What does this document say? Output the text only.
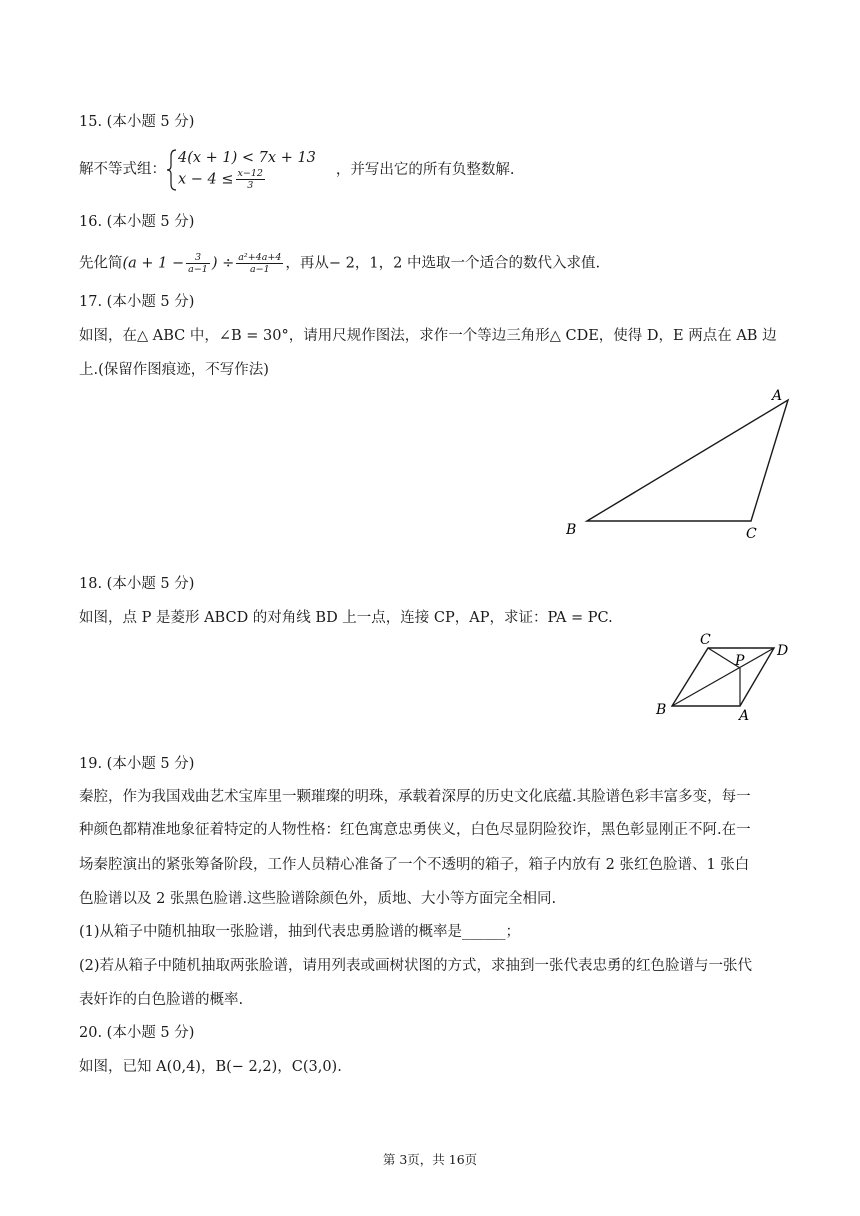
15. (本小题 5 分)
解不等式组：
4(x + 1) < 7x + 13
$x - 4 \le \frac{x-12}{3}$	，并写出它的所有负整数解.
16. (本小题 5 分)
先化简($a + 1 - \frac{3}{a-1}$ ) ÷ $\frac{\text{a²+4a+4}}{a-1}$ ，再从− 2，1，2 中选取一个适合的数代入求值.
17. (本小题 5 分)
如图，在△ ABC 中，∠B = 30°，请用尺规作图法，求作一个等边三角形△ CDE，使得 D，E 两点在 AB 边
上.(保留作图痕迹，不写作法)
A
B	C
18. (本小题 5 分)
如图，点 P 是菱形 ABCD 的对角线 BD 上一点，连接 CP，AP，求证：PA = PC.
C
D
P
B	A
19. (本小题 5 分)
秦腔，作为我国戏曲艺术宝库里一颗璀璨的明珠，承载着深厚的历史文化底蕴.其脸谱色彩丰富多变，每一
种颜色都精准地象征着特定的人物性格：红色寓意忠勇侠义，白色尽显阴险狡诈，黑色彰显刚正不阿.在一
场秦腔演出的紧张筹备阶段，工作人员精心准备了一个不透明的箱子，箱子内放有 2 张红色脸谱、1 张白
色脸谱以及 2 张黑色脸谱.这些脸谱除颜色外，质地、大小等方面完全相同.
(1)从箱子中随机抽取一张脸谱，抽到代表忠勇脸谱的概率是______；
(2)若从箱子中随机抽取两张脸谱，请用列表或画树状图的方式，求抽到一张代表忠勇的红色脸谱与一张代
表奸诈的白色脸谱的概率.
20. (本小题 5 分)
如图，已知 A(0,4)，B(− 2,2)，C(3,0).
第 3页，共 16页
